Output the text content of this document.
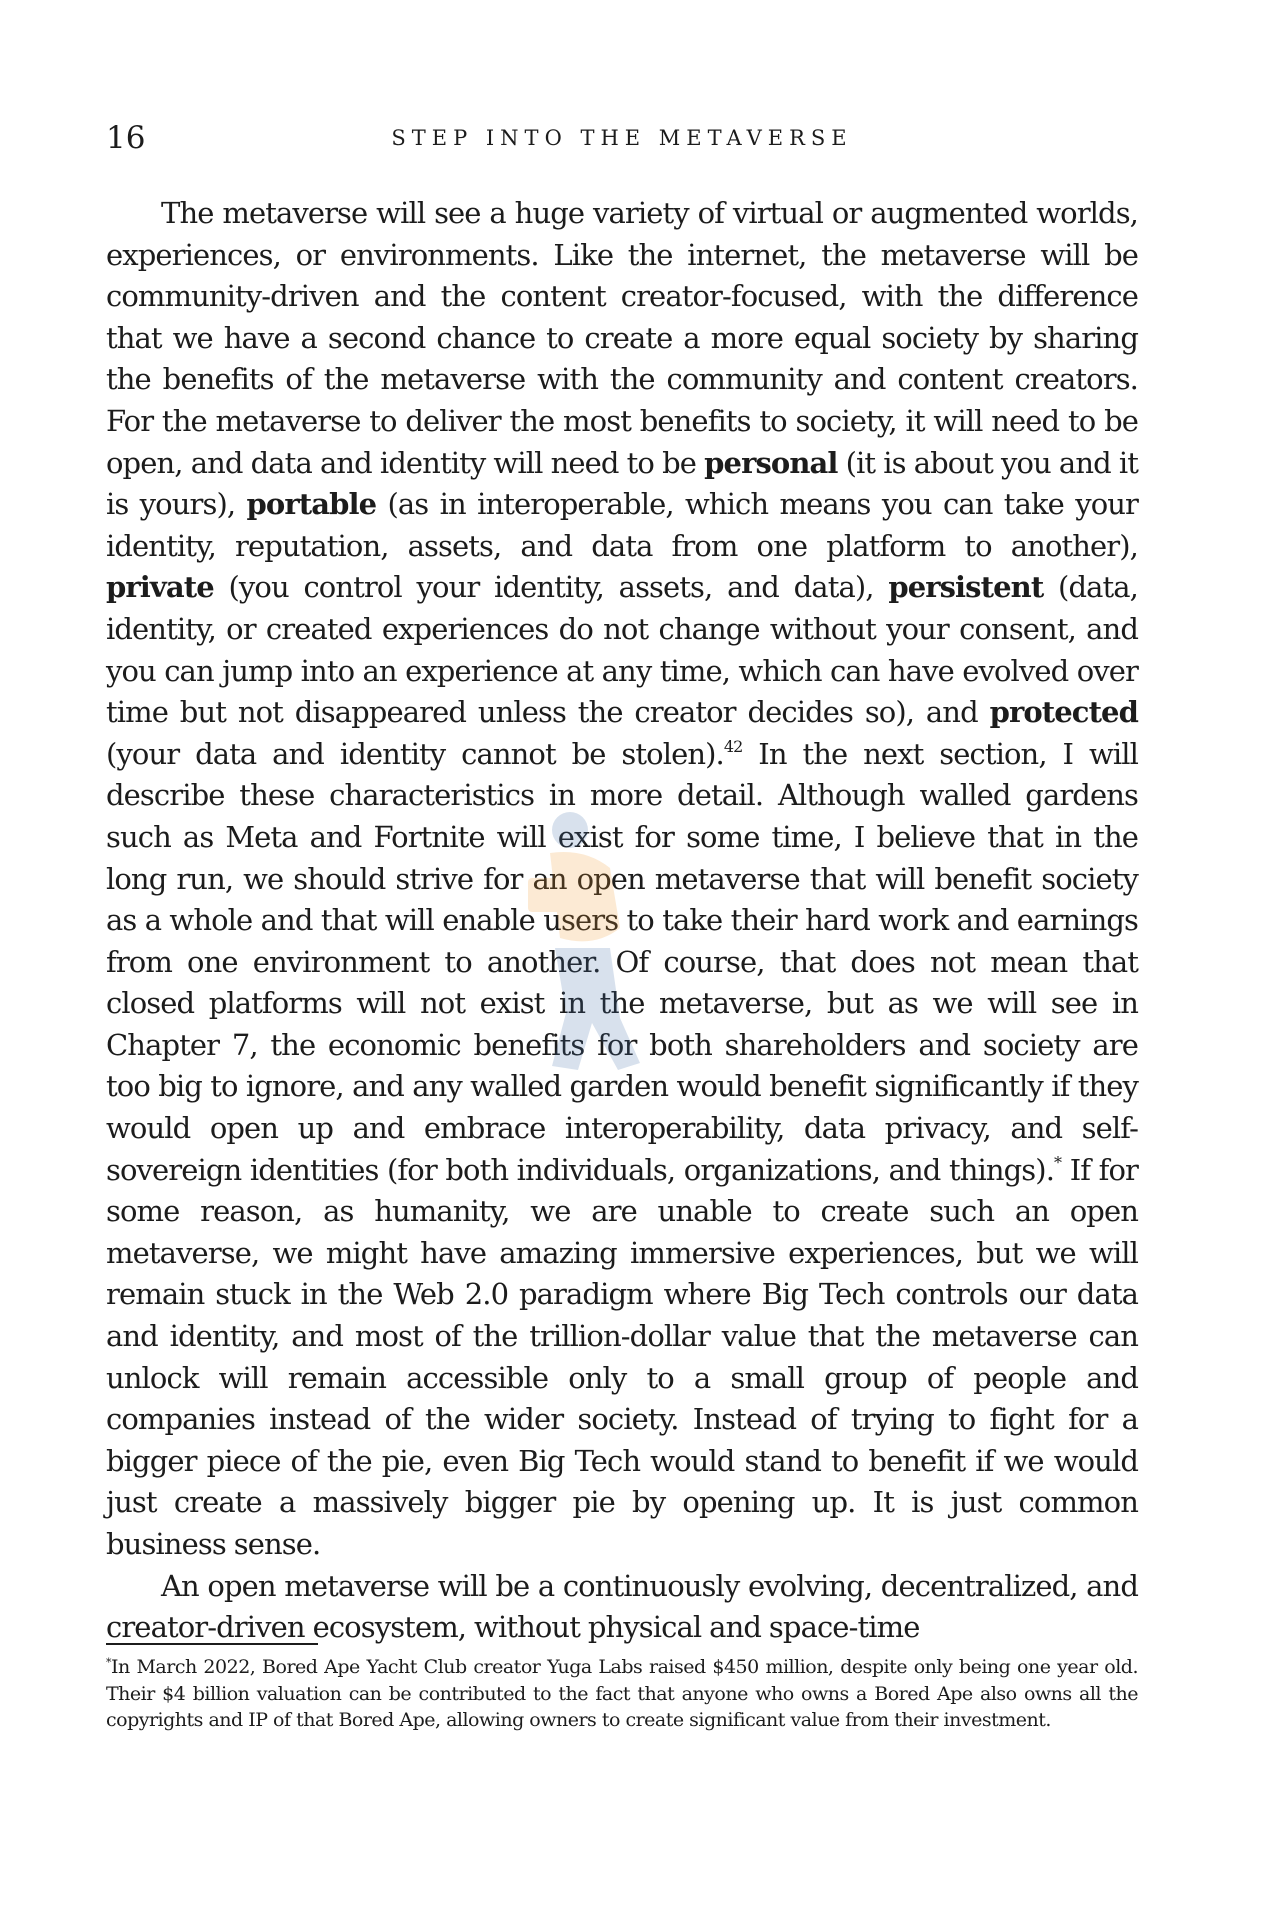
16	STEP INTO THE METAVERSE

The metaverse will see a huge variety of virtual or augmented worlds, experiences, or environments. Like the internet, the metaverse will be community-driven and the content creator-focused, with the difference that we have a second chance to create a more equal society by sharing the benefits of the metaverse with the community and content creators. For the metaverse to deliver the most benefits to society, it will need to be open, and data and identity will need to be personal (it is about you and it is yours), portable (as in interoperable, which means you can take your identity, reputation, assets, and data from one platform to another), private (you control your identity, assets, and data), persistent (data, identity, or created experiences do not change without your consent, and you can jump into an experience at any time, which can have evolved over time but not disappeared unless the creator decides so), and protected (your data and identity cannot be stolen).$^{42}$ In the next section, I will describe these characteristics in more detail. Although walled gardens such as Meta and Fortnite will exist for some time, I believe that in the long run, we should strive for an open metaverse that will benefit society as a whole and that will enable users to take their hard work and earnings from one environment to another. Of course, that does not mean that closed platforms will not exist in the metaverse, but as we will see in Chapter 7, the economic benefits for both shareholders and society are too big to ignore, and any walled garden would benefit significantly if they would open up and embrace interoperability, data privacy, and self-sovereign identities (for both individuals, organizations, and things).* If for some reason, as humanity, we are unable to create such an open metaverse, we might have amazing immersive experiences, but we will remain stuck in the Web 2.0 paradigm where Big Tech controls our data and identity, and most of the trillion-dollar value that the metaverse can unlock will remain accessible only to a small group of people and companies instead of the wider society. Instead of trying to fight for a bigger piece of the pie, even Big Tech would stand to benefit if we would just create a massively bigger pie by opening up. It is just common business sense.

An open metaverse will be a continuously evolving, decentralized, and creator-driven ecosystem, without physical and space-time

*In March 2022, Bored Ape Yacht Club creator Yuga Labs raised $450 million, despite only being one year old. Their $4 billion valuation can be contributed to the fact that anyone who owns a Bored Ape also owns all the copyrights and IP of that Bored Ape, allowing owners to create significant value from their investment.
